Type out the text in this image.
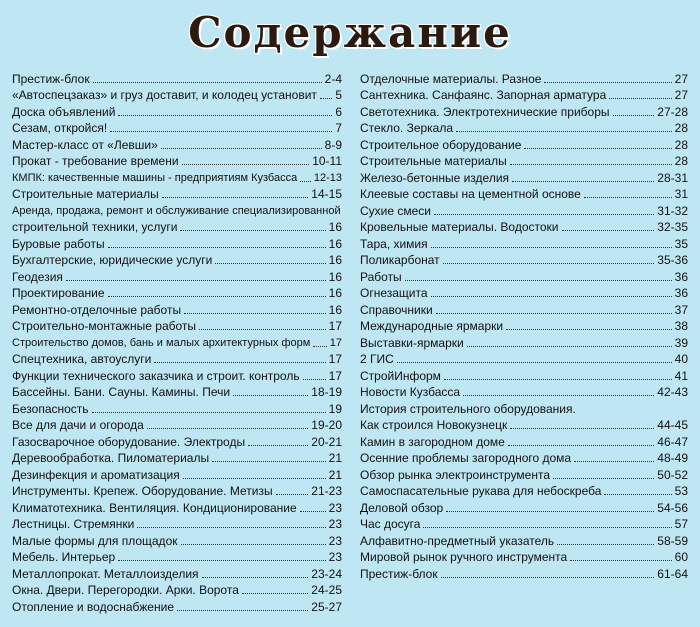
Содержание
Престиж-блок	2-4
«Автоспецзаказ» и груз доставит, и колодец установит 5
Доска объявлений	6
Сезам, откройся!	7
Мастер-класс от «Левши»	8-9
Прокат - требование времени	10-11
КМПК: качественные машины - предприятиям Кузбасса 12-13
Строительные материалы	14-15
Аренда, продажа, ремонт и обслуживание специализированной
строительной техники, услуги	16
Буровые работы	16
Бухгалтерские, юридические услуги	16
Геодезия	16
Проектирование	16
Ремонтно-отделочные работы	16
Строительно-монтажные работы	17
Строительство домов, бань и малых архитектурных форм 17
Спецтехника, автоуслуги	17
Функции технического заказчика и строит. контроль 17
Бассейны. Бани. Сауны. Камины. Печи	18-19
Безопасность	19
Все для дачи и огорода	19-20
Газосварочное оборудование. Электроды	20-21
Деревообработка. Пиломатериалы	21
Дезинфекция и ароматизация	21
Инструменты. Крепеж. Оборудование. Метизы	21-23
Климатотехника. Вентиляция. Кондиционирование	23
Лестницы. Стремянки	23
Малые формы для площадок	23
Мебель. Интерьер	23
Металлопрокат. Металлоизделия	23-24
Окна. Двери. Перегородки. Арки. Ворота	24-25
Отопление и водоснабжение	25-27
Отделочные материалы. Разное	27
Сантехника. Санфаянс. Запорная арматура	27
Светотехника. Электротехнические приборы	27-28
Стекло. Зеркала	28
Строительное оборудование	28
Строительные материалы	28
Железо-бетонные изделия	28-31
Клеевые составы на цементной основе	31
Сухие смеси	31-32
Кровельные материалы. Водостоки	32-35
Тара, химия	35
Поликарбонат	35-36
Работы	36
Огнезащита	36
Справочники	37
Международные ярмарки	38
Выставки-ярмарки	39
2 ГИС	40
СтройИнформ	41
Новости Кузбасса	42-43
История строительного оборудования.
Как строился Новокузнецк	44-45
Камин в загородном доме	46-47
Осенние проблемы загородного дома	48-49
Обзор рынка электроинструмента	50-52
Самоспасательные рукава для небоскреба	53
Деловой обзор	54-56
Час досуга	57
Алфавитно-предметный указатель	58-59
Мировой рынок ручного инструмента	60
Престиж-блок	61-64
